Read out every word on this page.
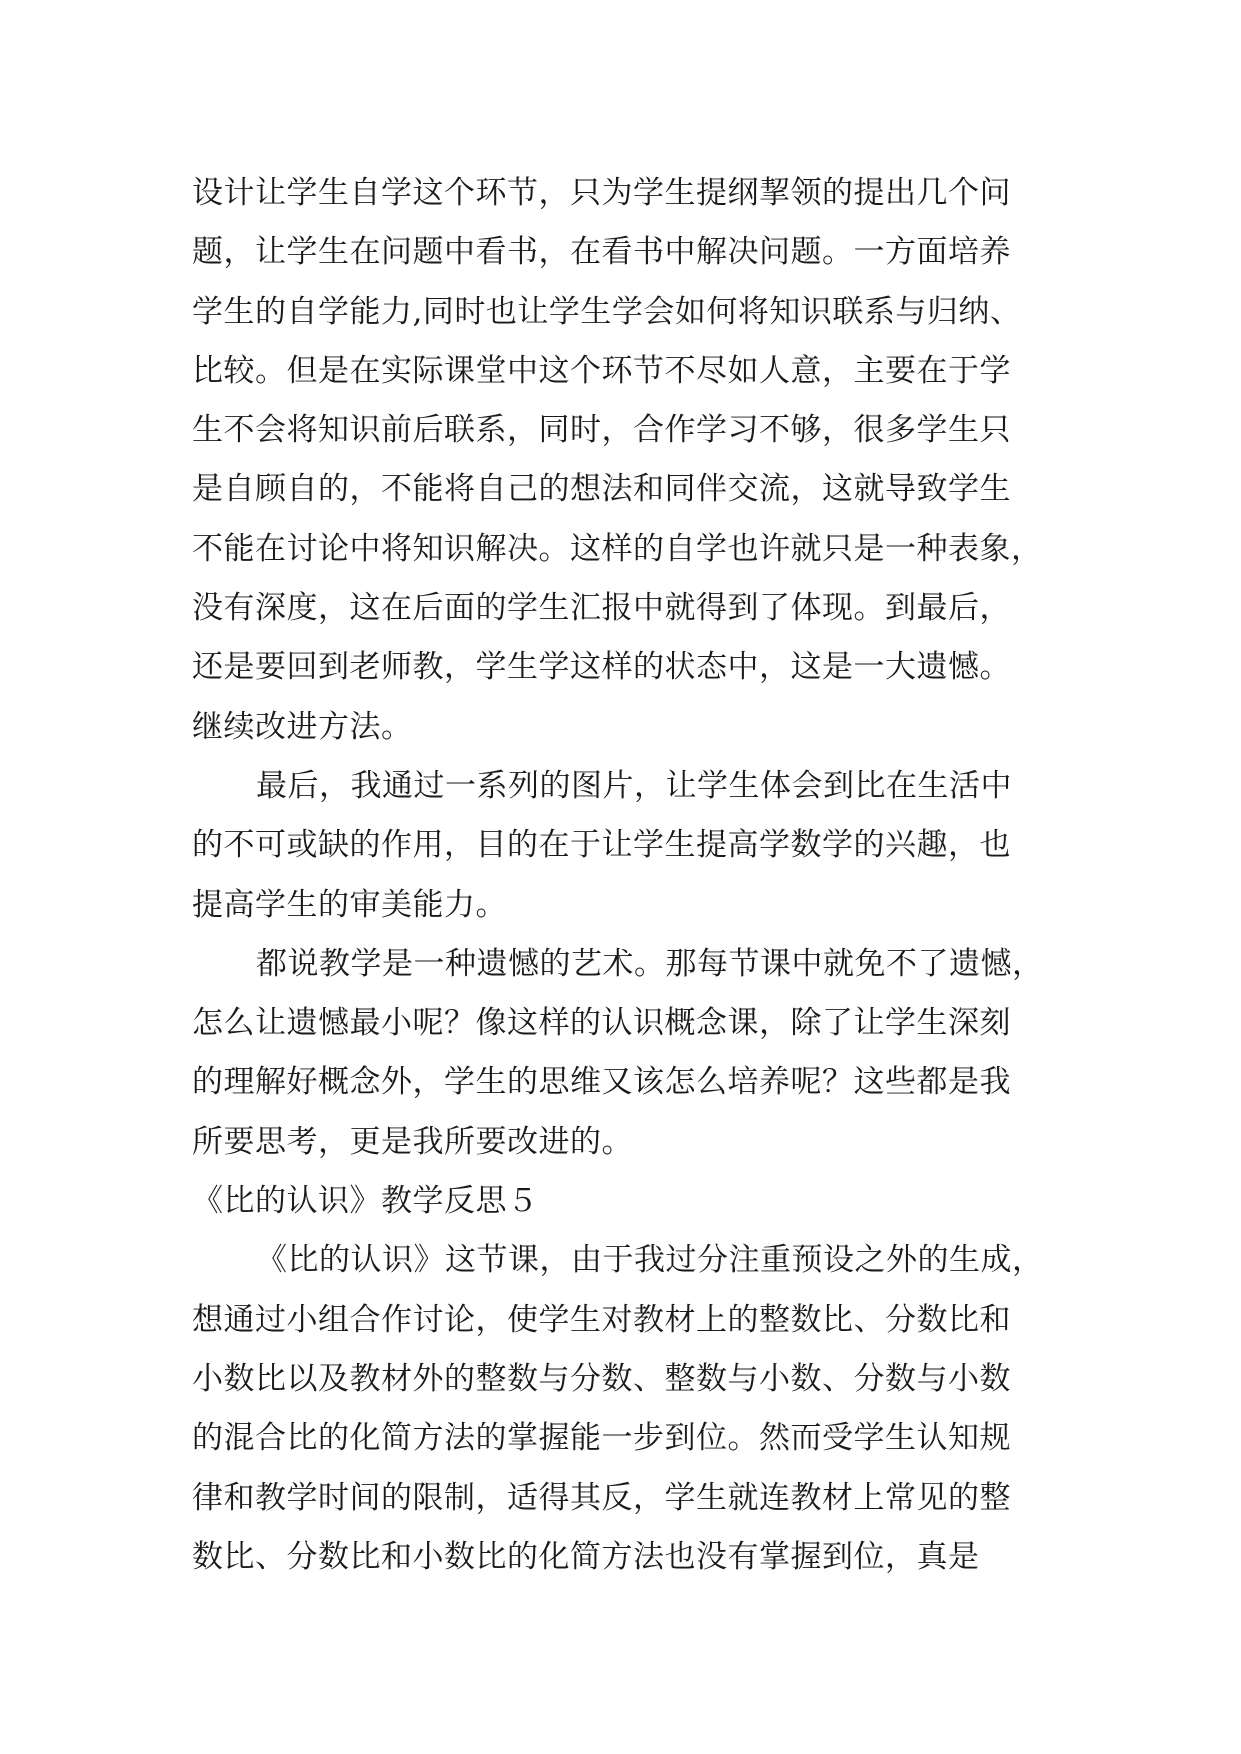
设计让学生自学这个环节，只为学生提纲挈领的提出几个问
题，让学生在问题中看书，在看书中解决问题。一方面培养
学生的自学能力,同时也让学生学会如何将知识联系与归纳、
比较。但是在实际课堂中这个环节不尽如人意，主要在于学
生不会将知识前后联系，同时，合作学习不够，很多学生只
是自顾自的，不能将自己的想法和同伴交流，这就导致学生
不能在讨论中将知识解决。这样的自学也许就只是一种表象，
没有深度，这在后面的学生汇报中就得到了体现。到最后，
还是要回到老师教，学生学这样的状态中，这是一大遗憾。
继续改进方法。
最后，我通过一系列的图片，让学生体会到比在生活中
的不可或缺的作用，目的在于让学生提高学数学的兴趣，也
提高学生的审美能力。
都说教学是一种遗憾的艺术。那每节课中就免不了遗憾，
怎么让遗憾最小呢？像这样的认识概念课，除了让学生深刻
的理解好概念外，学生的思维又该怎么培养呢？这些都是我
所要思考，更是我所要改进的。
《比的认识》教学反思５
《比的认识》这节课，由于我过分注重预设之外的生成，
想通过小组合作讨论，使学生对教材上的整数比、分数比和
小数比以及教材外的整数与分数、整数与小数、分数与小数
的混合比的化简方法的掌握能一步到位。然而受学生认知规
律和教学时间的限制，适得其反，学生就连教材上常见的整
数比、分数比和小数比的化简方法也没有掌握到位，真是
